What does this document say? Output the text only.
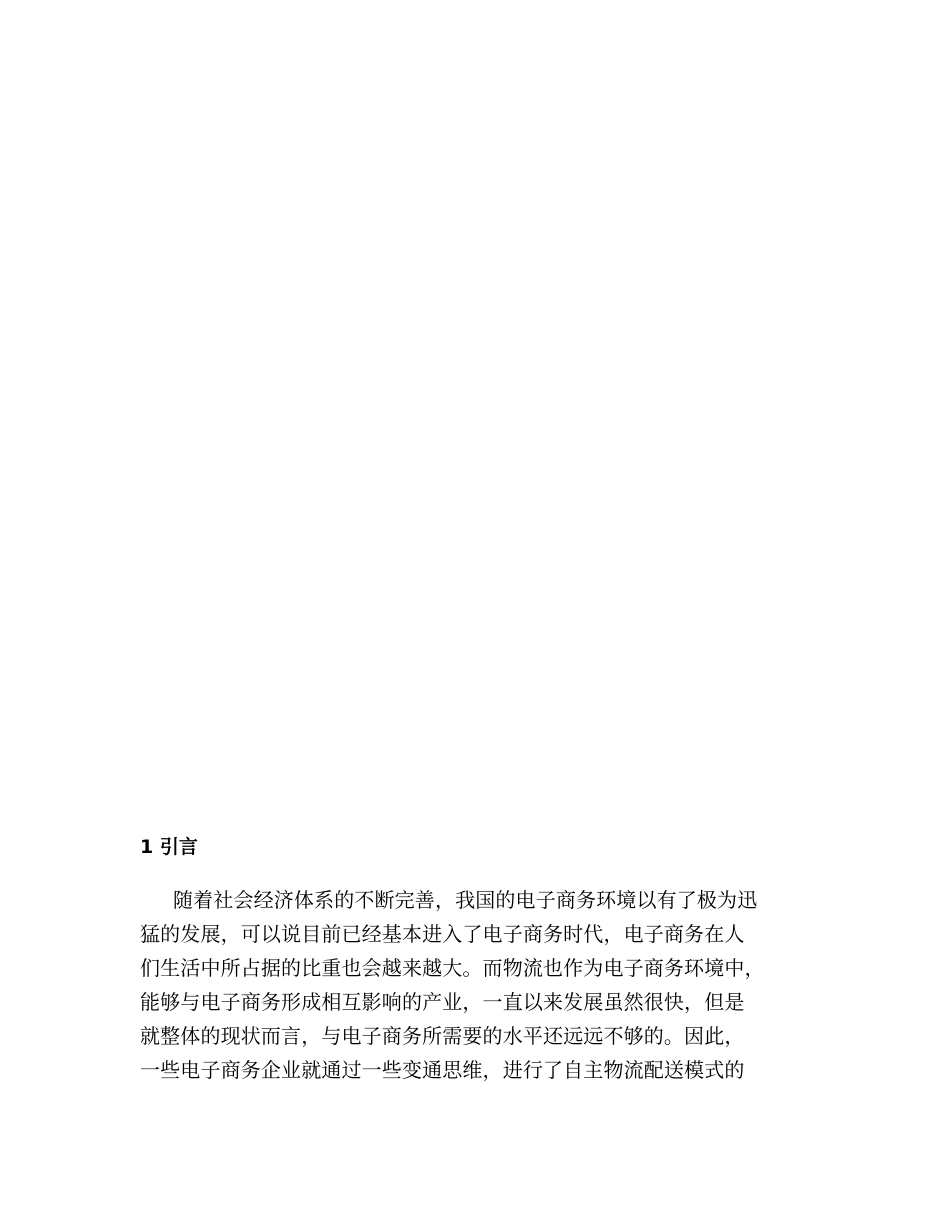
1 引言
随着社会经济体系的不断完善，我国的电子商务环境以有了极为迅
猛的发展，可以说目前已经基本进入了电子商务时代，电子商务在人
们生活中所占据的比重也会越来越大。而物流也作为电子商务环境中，
能够与电子商务形成相互影响的产业，一直以来发展虽然很快，但是
就整体的现状而言，与电子商务所需要的水平还远远不够的。因此，
一些电子商务企业就通过一些变通思维，进行了自主物流配送模式的
